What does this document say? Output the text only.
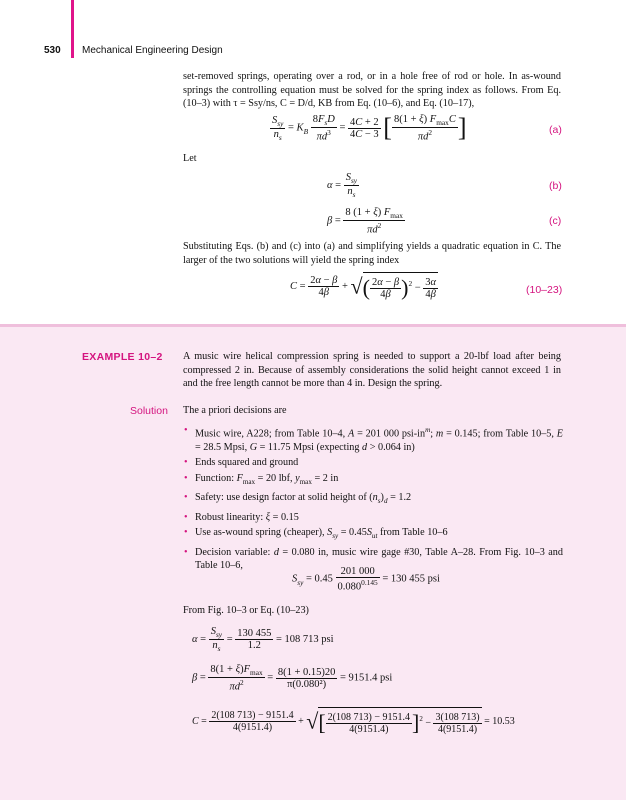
530 Mechanical Engineering Design
set-removed springs, operating over a rod, or in a hole free of rod or hole. In as-wound springs the controlling equation must be solved for the spring index as follows. From Eq. (10–3) with τ = Ssy/ns, C = D/d, KB from Eq. (10–6), and Eq. (10–17),
$\frac{S_{sy}}{n_s} = K_B \frac{8F_sD}{\pi d^3} = \frac{4C + 2}{4C - 3}$ [ $\frac{8(1 + \xi) F_{max}C}{\pi d^2}$ ]	(a)
Let
$\alpha = \frac{S_{sy}}{n_s}$	(b)
$\beta = \frac{8 (1 + \xi) F_{max}}{\pi d^2}$	(c)
Substituting Eqs. (b) and (c) into (a) and simplifying yields a quadratic equation in C. The larger of the two solutions will yield the spring index
$C = \frac{2\alpha - \beta}{4\beta}$ + √( $\frac{2\alpha - \beta}{4\beta} )^2 - \frac{3\alpha}{4\beta}$	(10–23)
EXAMPLE 10–2 A music wire helical compression spring is needed to support a 20-lbf load after being compressed 2 in. Because of assembly considerations the solid height cannot exceed 1 in and the free length cannot be more than 4 in. Design the spring.
Solution The a priori decisions are
• Music wire, A228; from Table 10–4, A = 201 000 psi-$in^m$; m = 0.145; from Table 10–5, E = 28.5 Mpsi, G = 11.75 Mpsi (expecting d > 0.064 in)
• Ends squared and ground
• Function: $F_{max} = 20$ lbf, $y_{max} = 2$ in
• Safety: use design factor at solid height of $(n_s)_d = 1.2$
• Robust linearity: ξ = 0.15
• Use as-wound spring (cheaper), $S_{sy} = 0.45S_{ut}$ from Table 10–6
• Decision variable: d = 0.080 in, music wire gage #30, Table A–28. From Fig. 10–3 and Table 10–6,
$S_{sy} = 0.45 \frac{201 000}{0.080^{0.145}} = 130$ 455 psi
From Fig. 10–3 or Eq. (10–23)
$\alpha = \frac{S_{sy}}{n_s} = \frac{130 455}{1.2} = 108$ 713 psi
$\beta = \frac{8(1 + \xi)F_{max}}{\pi d^2} = \frac{8(1 + 0.15)20}{\text{π(0.080²)}} = 9151.4$ psi
$C = \frac{2(108 713) - 9151.4}{4(9151.4)}$ + √[ $\frac{2(108 713) - 9151.4}{4(9151.4)} ]^2 - \frac{3(108 713)}{4(9151.4)} = 10.53$
